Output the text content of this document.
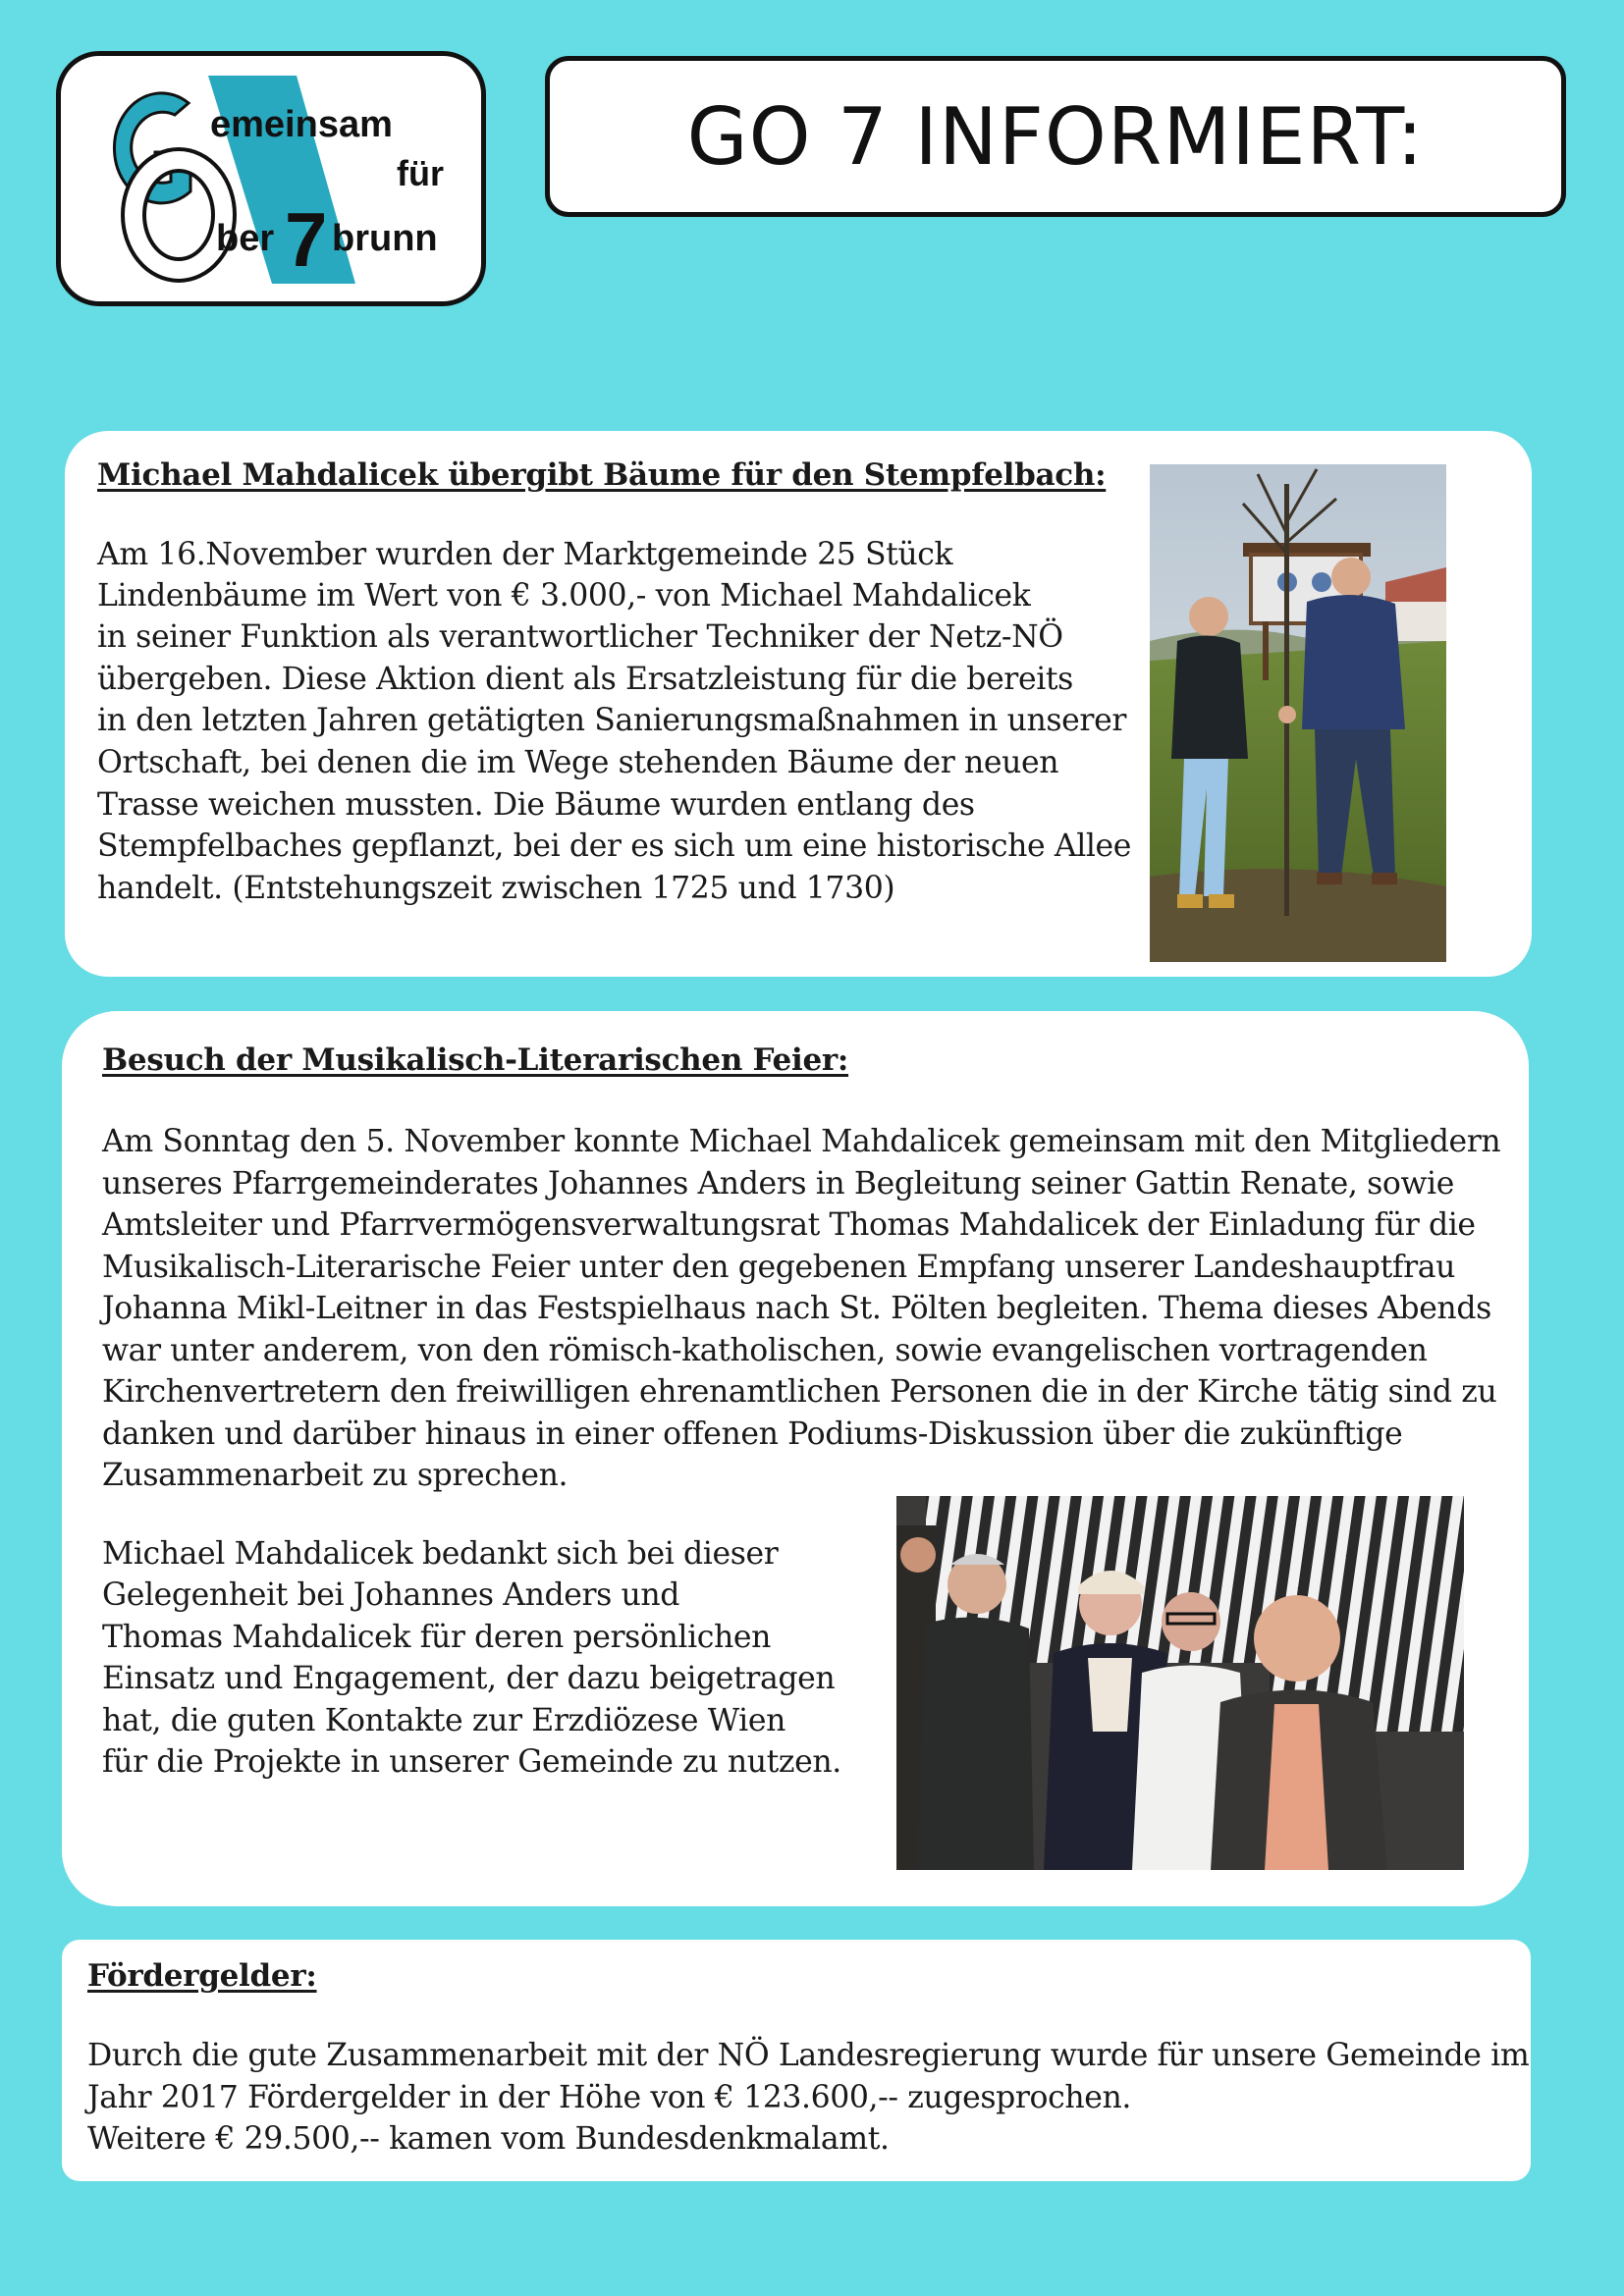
emeinsam
für
ber 7 brunn
GO 7 INFORMIERT:
Michael Mahdalicek übergibt Bäume für den Stempfelbach:

Am 16.November wurden der Marktgemeinde 25 Stück

Lindenbäume im Wert von € 3.000,- von Michael Mahdalicek

in seiner Funktion als verantwortlicher Techniker der Netz-NÖ

übergeben. Diese Aktion dient als Ersatzleistung für die bereits

in den letzten Jahren getätigten Sanierungsmaßnahmen in unserer

Ortschaft, bei denen die im Wege stehenden Bäume der neuen

Trasse weichen mussten. Die Bäume wurden entlang des

Stempfelbaches gepflanzt, bei der es sich um eine historische Allee

handelt. (Entstehungszeit zwischen 1725 und 1730)

Besuch der Musikalisch-Literarischen Feier:

Am Sonntag den 5. November konnte Michael Mahdalicek gemeinsam mit den Mitgliedern

unseres Pfarrgemeinderates Johannes Anders in Begleitung seiner Gattin Renate, sowie

Amtsleiter und Pfarrvermögensverwaltungsrat Thomas Mahdalicek der Einladung für die

Musikalisch-Literarische Feier unter den gegebenen Empfang unserer Landeshauptfrau

Johanna Mikl-Leitner in das Festspielhaus nach St. Pölten begleiten. Thema dieses Abends

war unter anderem, von den römisch-katholischen, sowie evangelischen vortragenden

Kirchenvertretern den freiwilligen ehrenamtlichen Personen die in der Kirche tätig sind zu

danken und darüber hinaus in einer offenen Podiums-Diskussion über die zukünftige

Zusammenarbeit zu sprechen.

Michael Mahdalicek bedankt sich bei dieser

Gelegenheit bei Johannes Anders und

Thomas Mahdalicek für deren persönlichen

Einsatz und Engagement, der dazu beigetragen

hat, die guten Kontakte zur Erzdiözese Wien

für die Projekte in unserer Gemeinde zu nutzen.

Fördergelder:

Durch die gute Zusammenarbeit mit der NÖ Landesregierung wurde für unsere Gemeinde im

Jahr 2017 Fördergelder in der Höhe von € 123.600,-- zugesprochen.

Weitere € 29.500,-- kamen vom Bundesdenkmalamt.
